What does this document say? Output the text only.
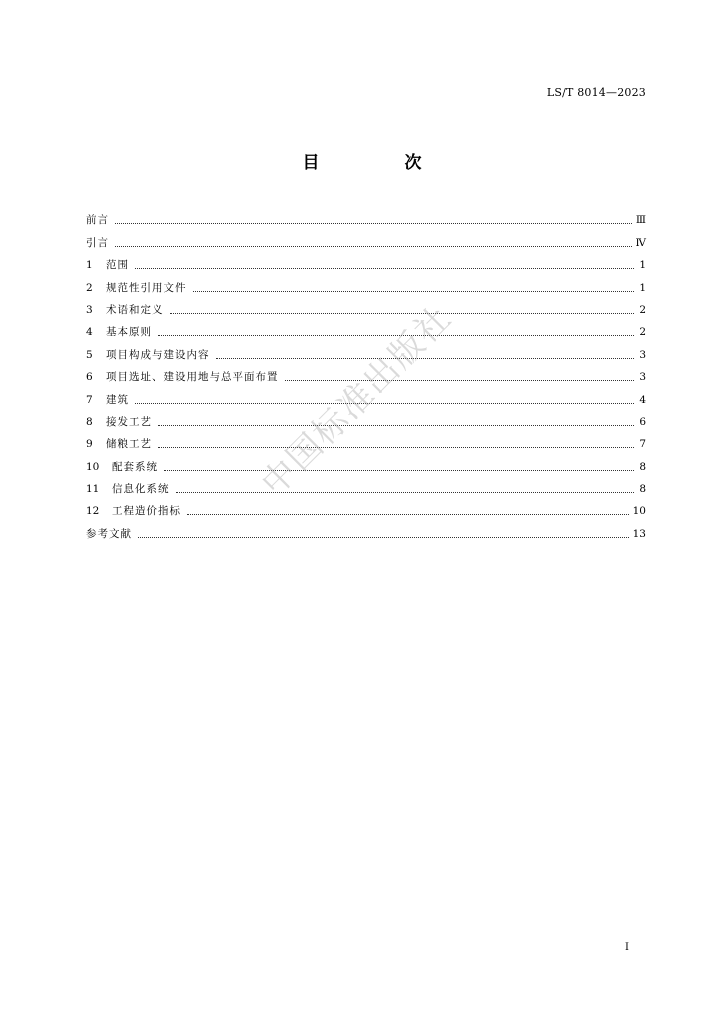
LS/T 8014—2023
目　次
前言	Ⅲ
引言	Ⅳ
1	范围	1
2	规范性引用文件	1
3	术语和定义	2
4	基本原则	2
5	项目构成与建设内容	3
6	项目选址、建设用地与总平面布置	3
7	建筑	4
8	接发工艺	6
9	储粮工艺	7
10	配套系统	8
11	信息化系统	8
12	工程造价指标	10
参考文献	13
中国标准出版社
I
